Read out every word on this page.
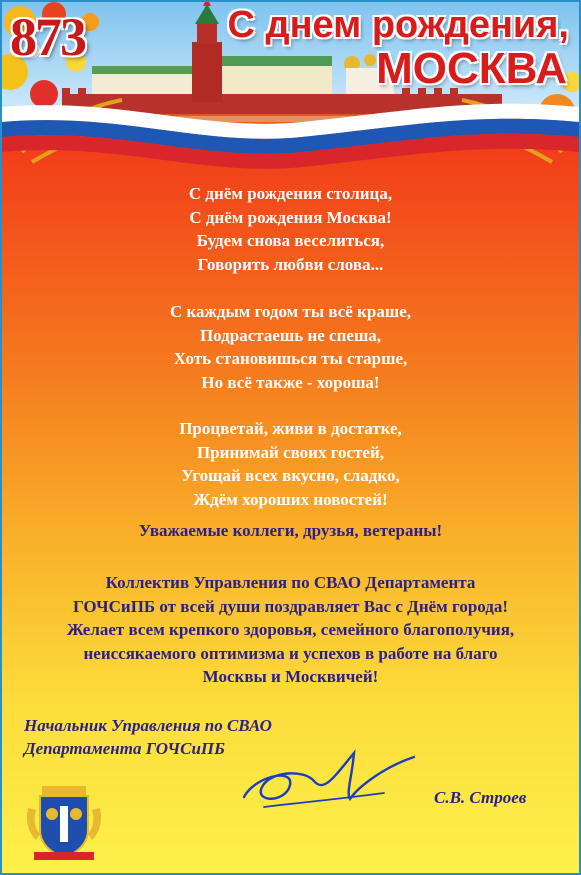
873	С днем рождения,
МОСКВА
С днём рождения столица,
С днём рождения Москва!
Будем снова веселиться,
Говорить любви слова...
С каждым годом ты всё краше,
Подрастаешь не спеша,
Хоть становишься ты старше,
Но всё также - хороша!
Процветай, живи в достатке,
Принимай своих гостей,
Угощай всех вкусно, сладко,
Ждём хороших новостей!
Уважаемые коллеги, друзья, ветераны!
Коллектив Управления по СВАО Департамента
ГОЧСиПБ от всей души поздравляет Вас с Днём города!
Желает всем крепкого здоровья, семейного благополучия,
неиссякаемого оптимизма и успехов в работе на благо
Москвы и Москвичей!
Начальник Управления по СВАО
Департамента ГОЧСиПБ
С.В. Строев
